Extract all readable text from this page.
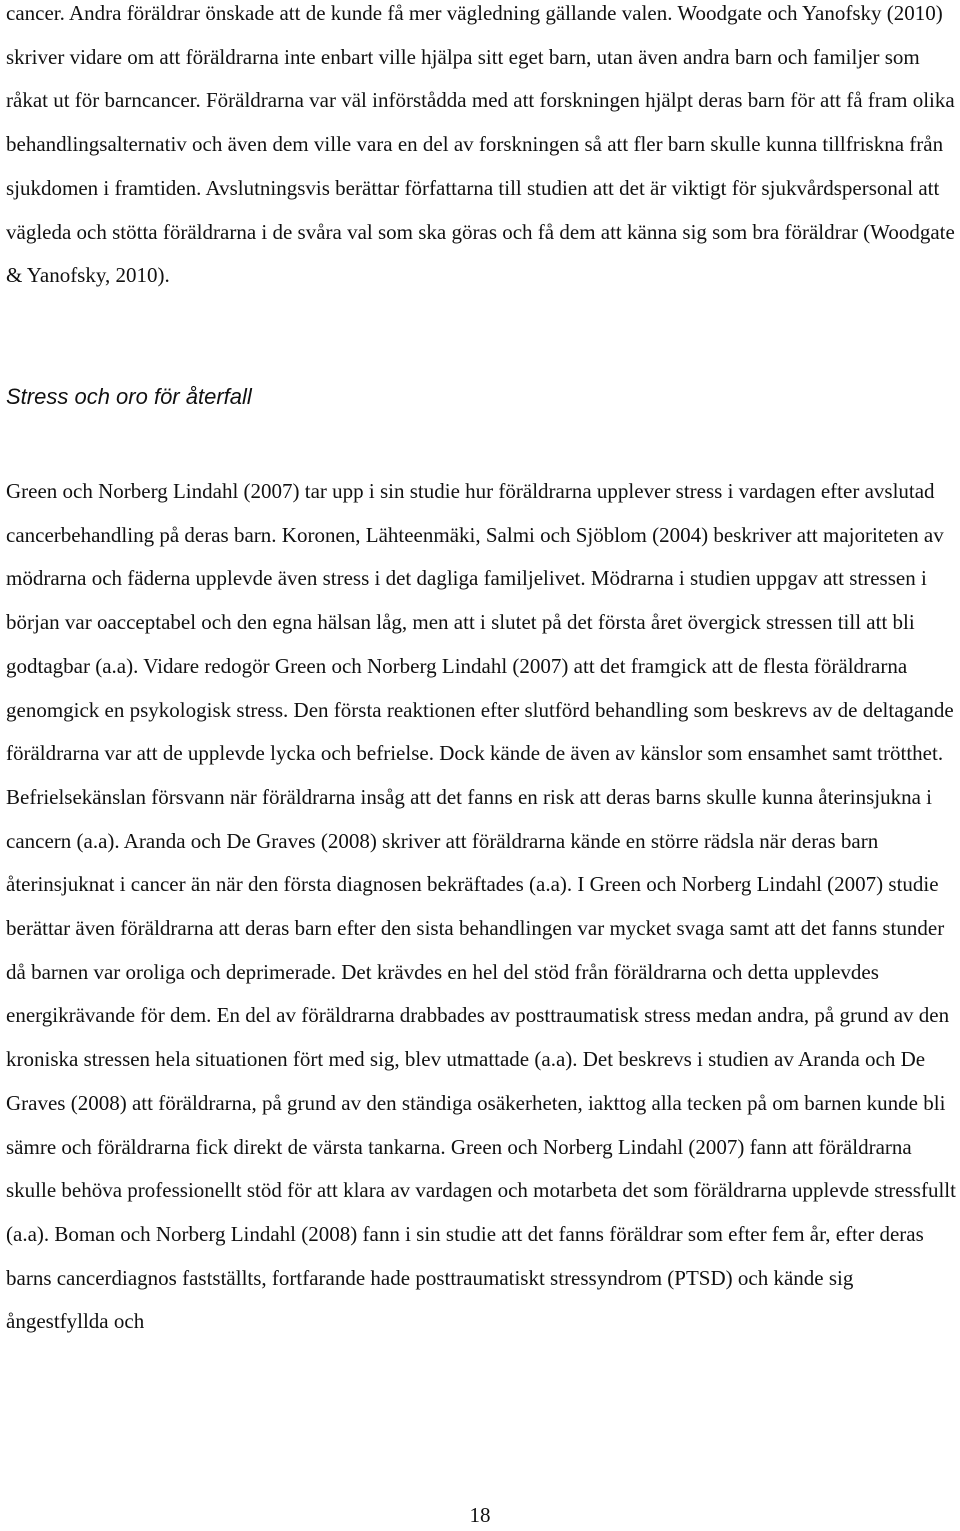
cancer. Andra föräldrar önskade att de kunde få mer vägledning gällande valen. Woodgate och Yanofsky (2010) skriver vidare om att föräldrarna inte enbart ville hjälpa sitt eget barn, utan även andra barn och familjer som råkat ut för barncancer. Föräldrarna var väl införstådda med att forskningen hjälpt deras barn för att få fram olika behandlingsalternativ och även dem ville vara en del av forskningen så att fler barn skulle kunna tillfriskna från sjukdomen i framtiden. Avslutningsvis berättar författarna till studien att det är viktigt för sjukvårdspersonal att vägleda och stötta föräldrarna i de svåra val som ska göras och få dem att känna sig som bra föräldrar (Woodgate & Yanofsky, 2010).

Stress och oro för återfall

Green och Norberg Lindahl (2007) tar upp i sin studie hur föräldrarna upplever stress i vardagen efter avslutad cancerbehandling på deras barn. Koronen, Lähteenmäki, Salmi och Sjöblom (2004) beskriver att majoriteten av mödrarna och fäderna upplevde även stress i det dagliga familjelivet. Mödrarna i studien uppgav att stressen i början var oacceptabel och den egna hälsan låg, men att i slutet på det första året övergick stressen till att bli godtagbar (a.a). Vidare redogör Green och Norberg Lindahl (2007) att det framgick att de flesta föräldrarna genomgick en psykologisk stress. Den första reaktionen efter slutförd behandling som beskrevs av de deltagande föräldrarna var att de upplevde lycka och befrielse. Dock kände de även av känslor som ensamhet samt trötthet. Befrielsekänslan försvann när föräldrarna insåg att det fanns en risk att deras barns skulle kunna återinsjukna i cancern (a.a). Aranda och De Graves (2008) skriver att föräldrarna kände en större rädsla när deras barn återinsjuknat i cancer än när den första diagnosen bekräftades (a.a). I Green och Norberg Lindahl (2007) studie berättar även föräldrarna att deras barn efter den sista behandlingen var mycket svaga samt att det fanns stunder då barnen var oroliga och deprimerade. Det krävdes en hel del stöd från föräldrarna och detta upplevdes energikrävande för dem. En del av föräldrarna drabbades av posttraumatisk stress medan andra, på grund av den kroniska stressen hela situationen fört med sig, blev utmattade (a.a). Det beskrevs i studien av Aranda och De Graves (2008) att föräldrarna, på grund av den ständiga osäkerheten, iakttog alla tecken på om barnen kunde bli sämre och föräldrarna fick direkt de värsta tankarna. Green och Norberg Lindahl (2007) fann att föräldrarna skulle behöva professionellt stöd för att klara av vardagen och motarbeta det som föräldrarna upplevde stressfullt (a.a). Boman och Norberg Lindahl (2008) fann i sin studie att det fanns föräldrar som efter fem år, efter deras barns cancerdiagnos fastställts, fortfarande hade posttraumatiskt stressyndrom (PTSD) och kände sig ångestfyllda och

18
